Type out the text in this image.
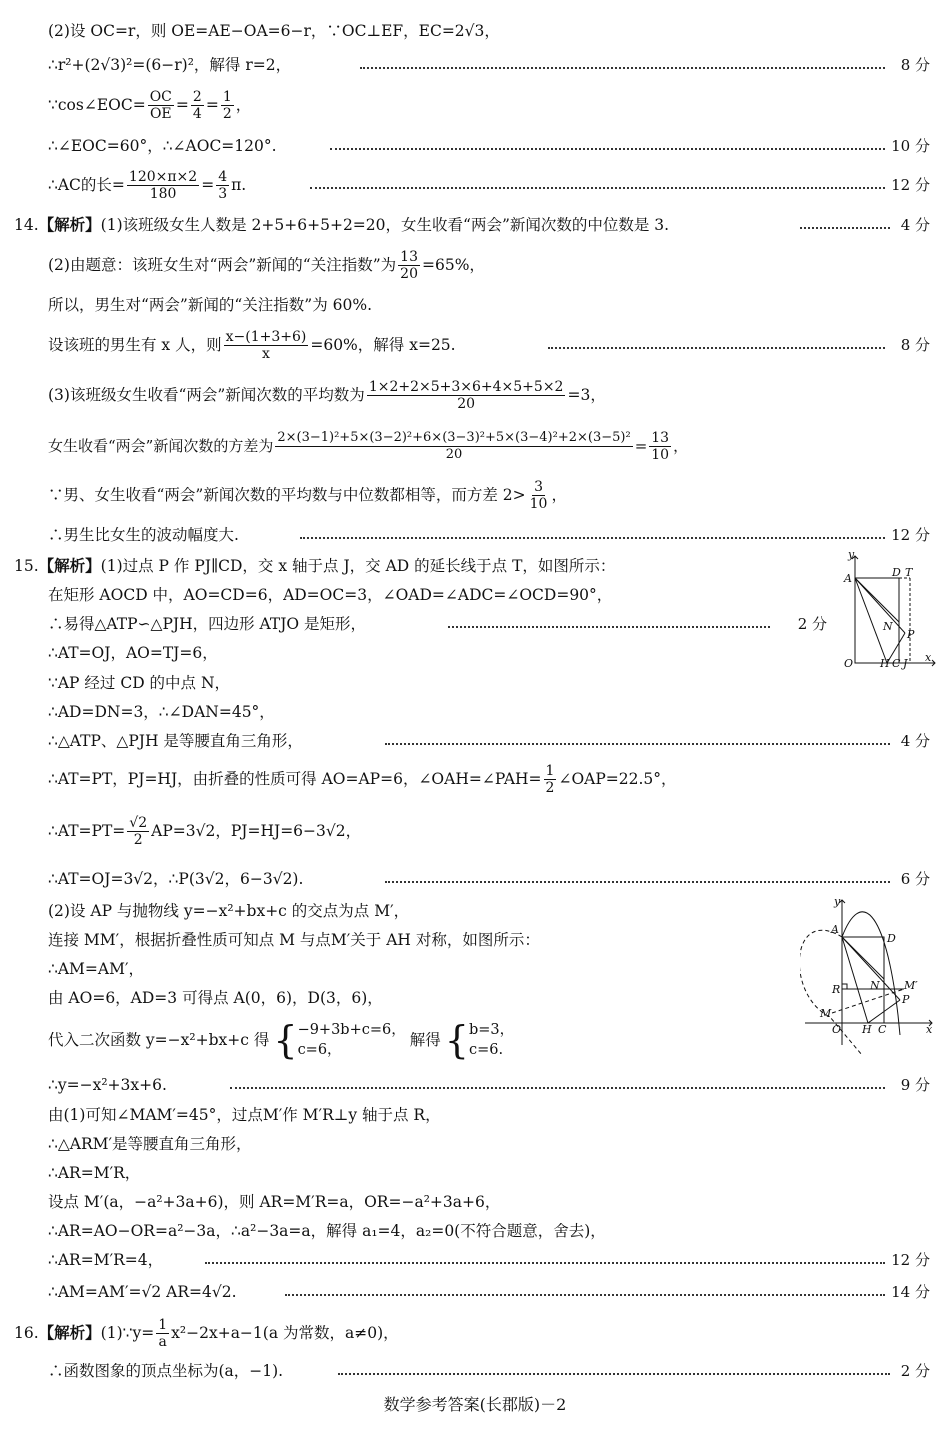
(2)设 OC=r，则 OE=AE−OA=6−r，∵OC⊥EF，EC=2√3，
∴r²+(2√3)²=(6−r)²，解得 r=2，	8 分
∵cos∠EOC= $\frac{OC}{OE} = \frac{2}{4} = \frac{1}{2}$ ，
∴∠EOC=60°，∴∠AOC=120°.	10 分
∴AC的长= $\frac{120\times\pi\times 2}{180} = \frac{4}{3} \pi$.	12 分
14. 【解析】 (1)该班级女生人数是 2+5+6+5+2=20，女生收看“两会”新闻次数的中位数是 3.	4 分
(2)由题意：该班女生对“两会”新闻的“关注指数”为 $\frac{13}{20} =65\%$，
所以，男生对“两会”新闻的“关注指数”为 60%.
设该班的男生有 x 人，则 $\frac{x-(1+3+6)}{x} =60\%$，解得 x=25.	8 分
(3)该班级女生收看“两会”新闻次数的平均数为 $\frac{1\times 2+2\times 5+3\times 6+4\times 5+5\times 2}{20} =3$，
女生收看“两会”新闻次数的方差为 $\frac{\text{2×(3−1)²+5×(3−2)²+6×(3−3)²+5×(3−4)²+2×(3−5)²}}{20} = \frac{13}{10}$ ，
∵男、女生收看“两会”新闻次数的平均数与中位数都相等，而方差 $2> \frac{3}{10}$ ，
∴男生比女生的波动幅度大.	12 分
15. 【解析】 (1)过点 P 作 PJ∥CD，交 x 轴于点 J，交 AD 的延长线于点 T，如图所示：
在矩形 AOCD 中，AO=CD=6，AD=OC=3，∠OAD=∠ADC=∠OCD=90°，
∴易得△ATP∽△PJH，四边形 ATJO 是矩形，	2 分
∴AT=OJ，AO=TJ=6，
∵AP 经过 CD 的中点 N，
∴AD=DN=3，∴∠DAN=45°，
∴△ATP、△PJH 是等腰直角三角形，	4 分
∴AT=PT，PJ=HJ，由折叠的性质可得 AO=AP=6，∠OAH=∠PAH= $\frac{1}{2}$ ∠OAP=22.5°，
∴AT=PT= $\frac{√2}{2} AP=3√2$，PJ=HJ=6−3√2，
∴AT=OJ=3√2，∴P(3√2，6−3√2).	6 分
(2)设 AP 与抛物线 y=−x²+bx+c 的交点为点 M′，
连接 MM′，根据折叠性质可知点 M 与点M′关于 AH 对称，如图所示：
∴AM=AM′，
由 AO=6，AD=3 可得点 A(0，6)，D(3，6)，
代入二次函数 y=−x²+bx+c 得 { −9+3b+c=6，
c=6，
解得 { b=3，
c=6.
∴y=−x²+3x+6.	9 分
由(1)可知∠MAM′=45°，过点M′作 M′R⊥y 轴于点 R，
∴△ARM′是等腰直角三角形，
∴AR=M′R，
设点 M′(a，−a²+3a+6)，则 AR=M′R=a，OR=−a²+3a+6，
∴AR=AO−OR=a²−3a，∴a²−3a=a，解得 a₁=4，a₂=0(不符合题意，舍去)，
∴AR=M′R=4，	12 分
∴AM=AM′=√2 AR=4√2.	14 分
16. 【解析】 (1)∵y= $\frac{1}{a} x^2-2x+a-1(a$ 为常数，a≠0)，
∴函数图象的顶点坐标为(a，−1).	2 分
数学参考答案(长郡版)－2
y
A	D T
N
P
O H C J x
y
A
D
R	N M′
P
M
O H C	x
